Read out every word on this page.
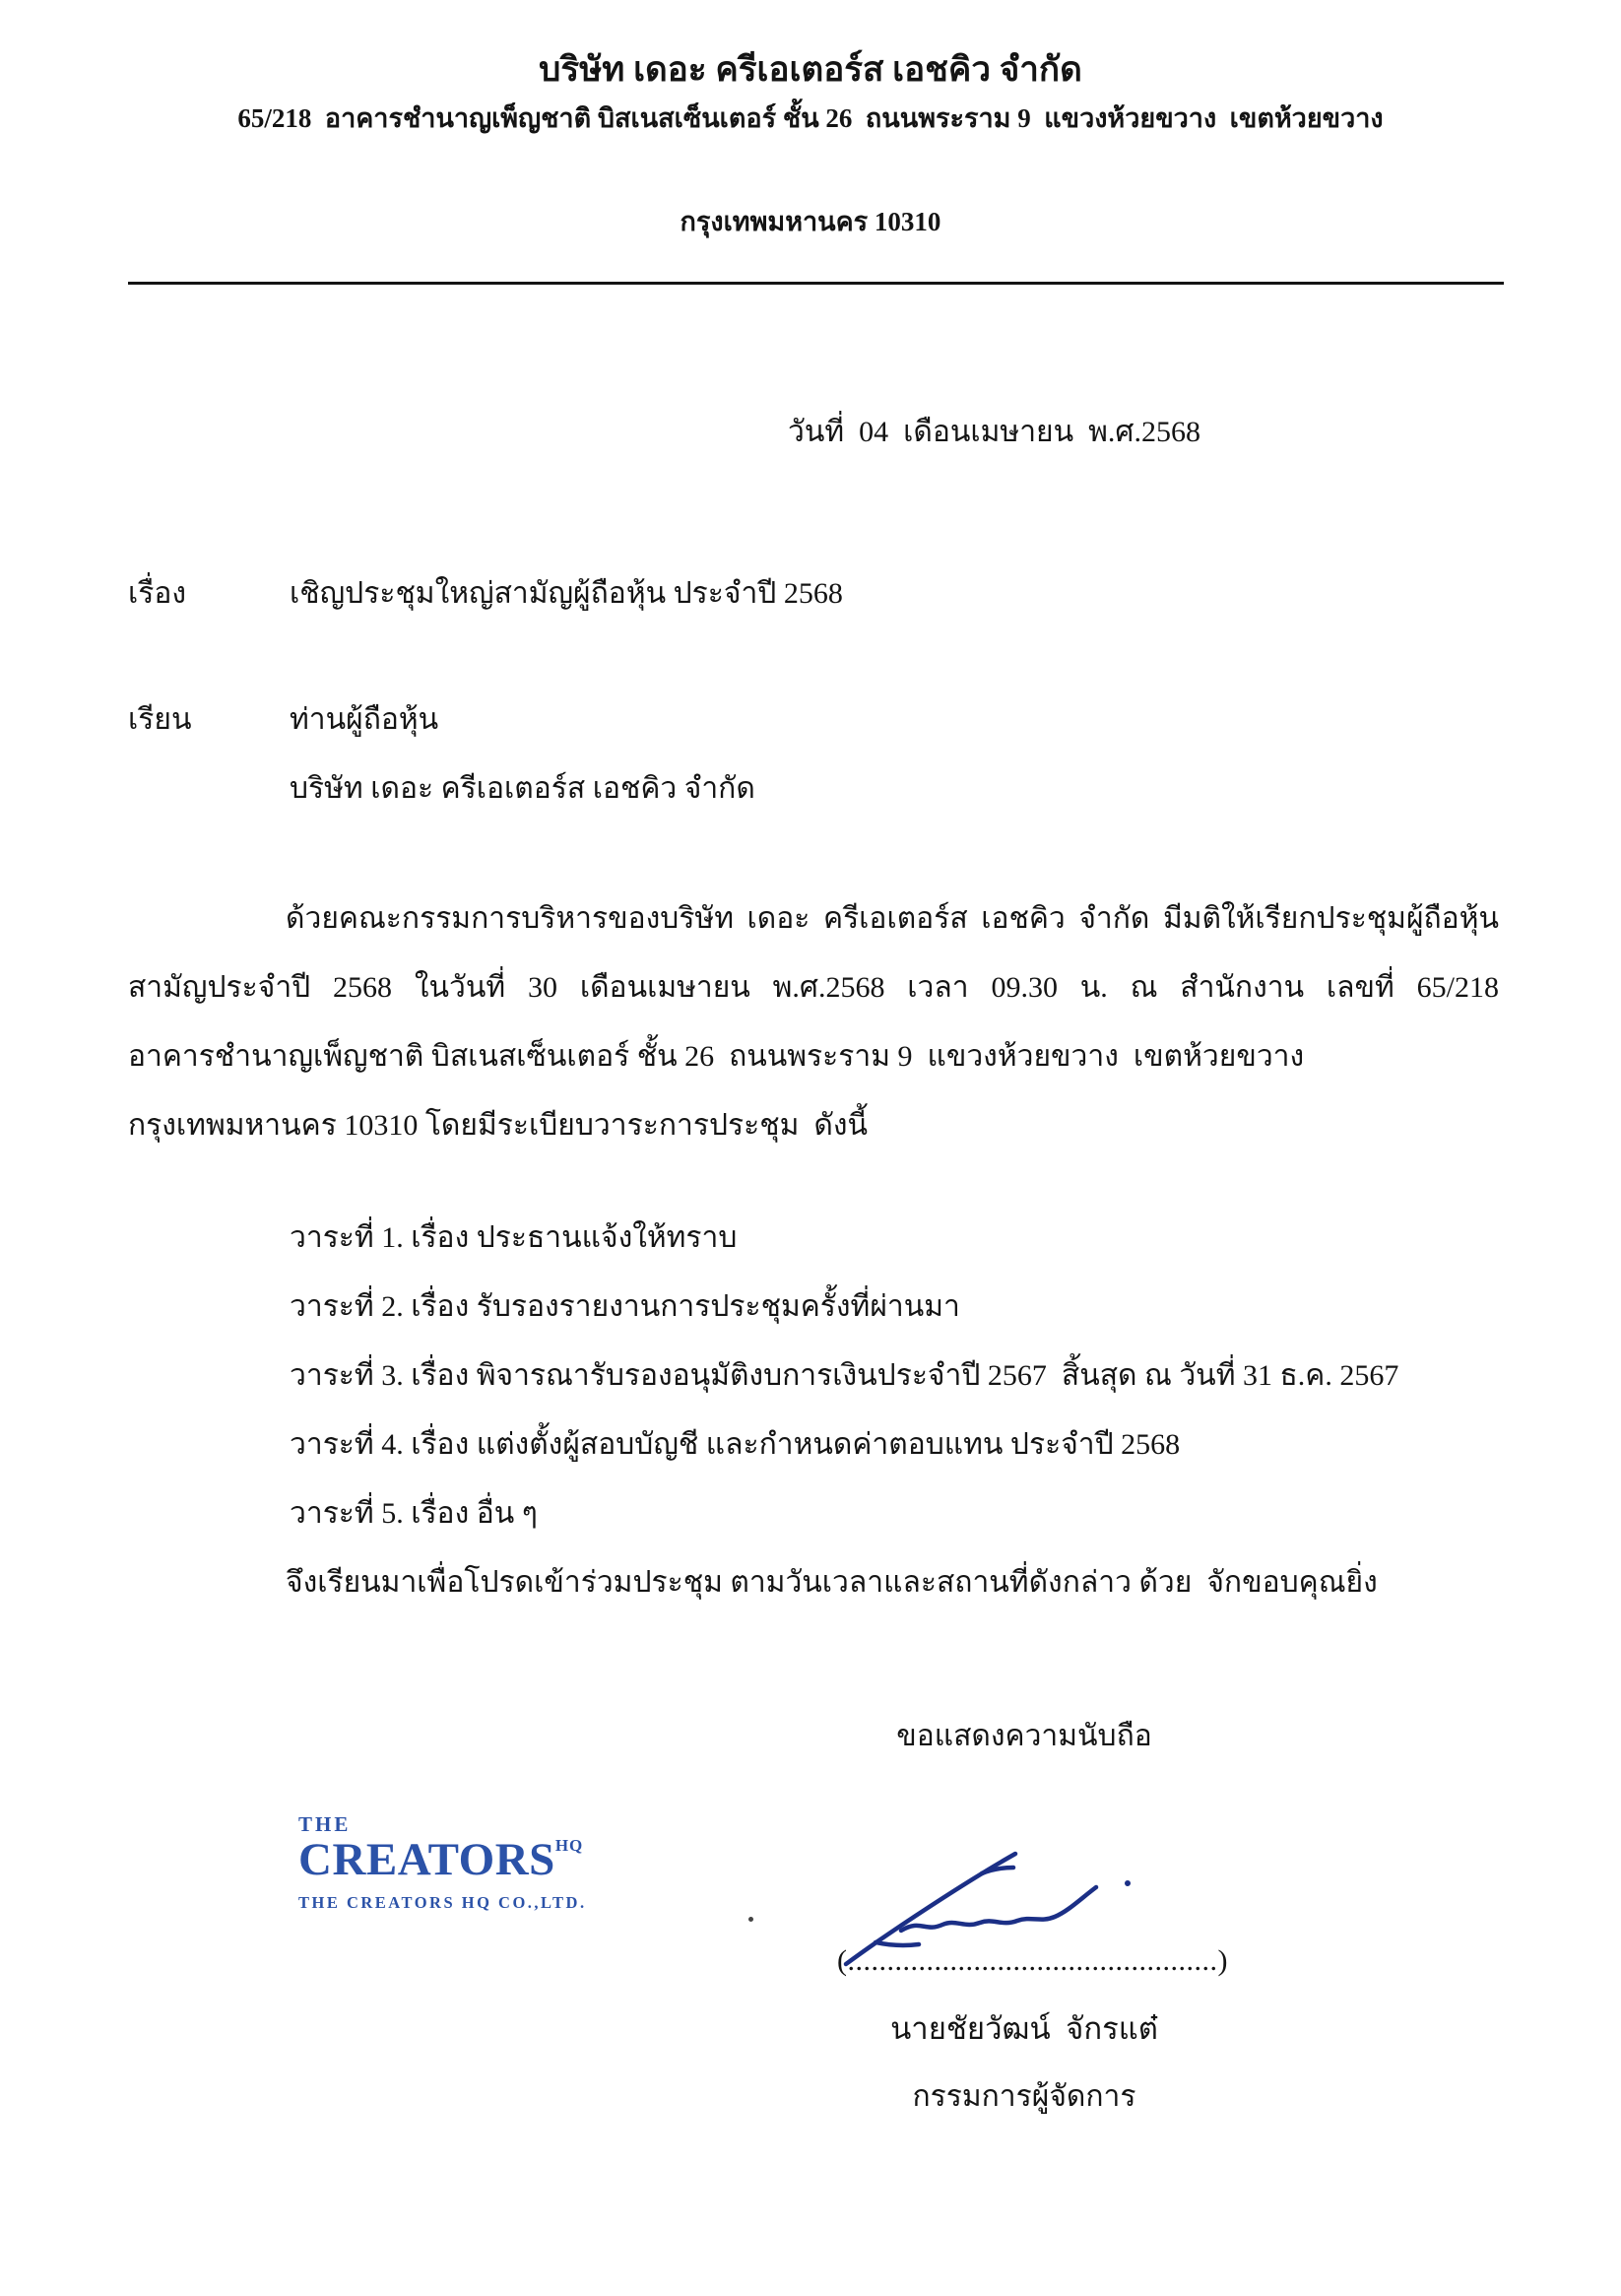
บริษัท เดอะ ครีเอเตอร์ส เอชคิว จำกัด
65/218  อาคารชำนาญเพ็ญชาติ บิสเนสเซ็นเตอร์ ชั้น 26  ถนนพระราม 9  แขวงห้วยขวาง  เขตห้วยขวาง
กรุงเทพมหานคร 10310
วันที่  04  เดือนเมษายน  พ.ศ.2568
เรื่อง	เชิญประชุมใหญ่สามัญผู้ถือหุ้น ประจำปี 2568
เรียน	ท่านผู้ถือหุ้น
บริษัท เดอะ ครีเอเตอร์ส เอชคิว จำกัด
ด้วยคณะกรรมการบริหารของบริษัท เดอะ ครีเอเตอร์ส เอชคิว จำกัด มีมติให้เรียกประชุมผู้ถือหุ้น
สามัญประจำปี 2568 ในวันที่ 30 เดือนเมษายน พ.ศ.2568 เวลา 09.30 น. ณ สำนักงาน เลขที่ 65/218
อาคารชำนาญเพ็ญชาติ บิสเนสเซ็นเตอร์ ชั้น 26  ถนนพระราม 9  แขวงห้วยขวาง  เขตห้วยขวาง
กรุงเทพมหานคร 10310 โดยมีระเบียบวาระการประชุม  ดังนี้
วาระที่ 1. เรื่อง ประธานแจ้งให้ทราบ
วาระที่ 2. เรื่อง รับรองรายงานการประชุมครั้งที่ผ่านมา
วาระที่ 3. เรื่อง พิจารณารับรองอนุมัติงบการเงินประจำปี 2567  สิ้นสุด ณ วันที่ 31 ธ.ค. 2567
วาระที่ 4. เรื่อง แต่งตั้งผู้สอบบัญชี และกำหนดค่าตอบแทน ประจำปี 2568
วาระที่ 5. เรื่อง อื่น ๆ
จึงเรียนมาเพื่อโปรดเข้าร่วมประชุม ตามวันเวลาและสถานที่ดังกล่าว ด้วย  จักขอบคุณยิ่ง
ขอแสดงความนับถือ
THE
CREATORSHQ
THE CREATORS HQ CO.,LTD.
(...............................................)
นายชัยวัฒน์  จักรแต๋
กรรมการผู้จัดการ
